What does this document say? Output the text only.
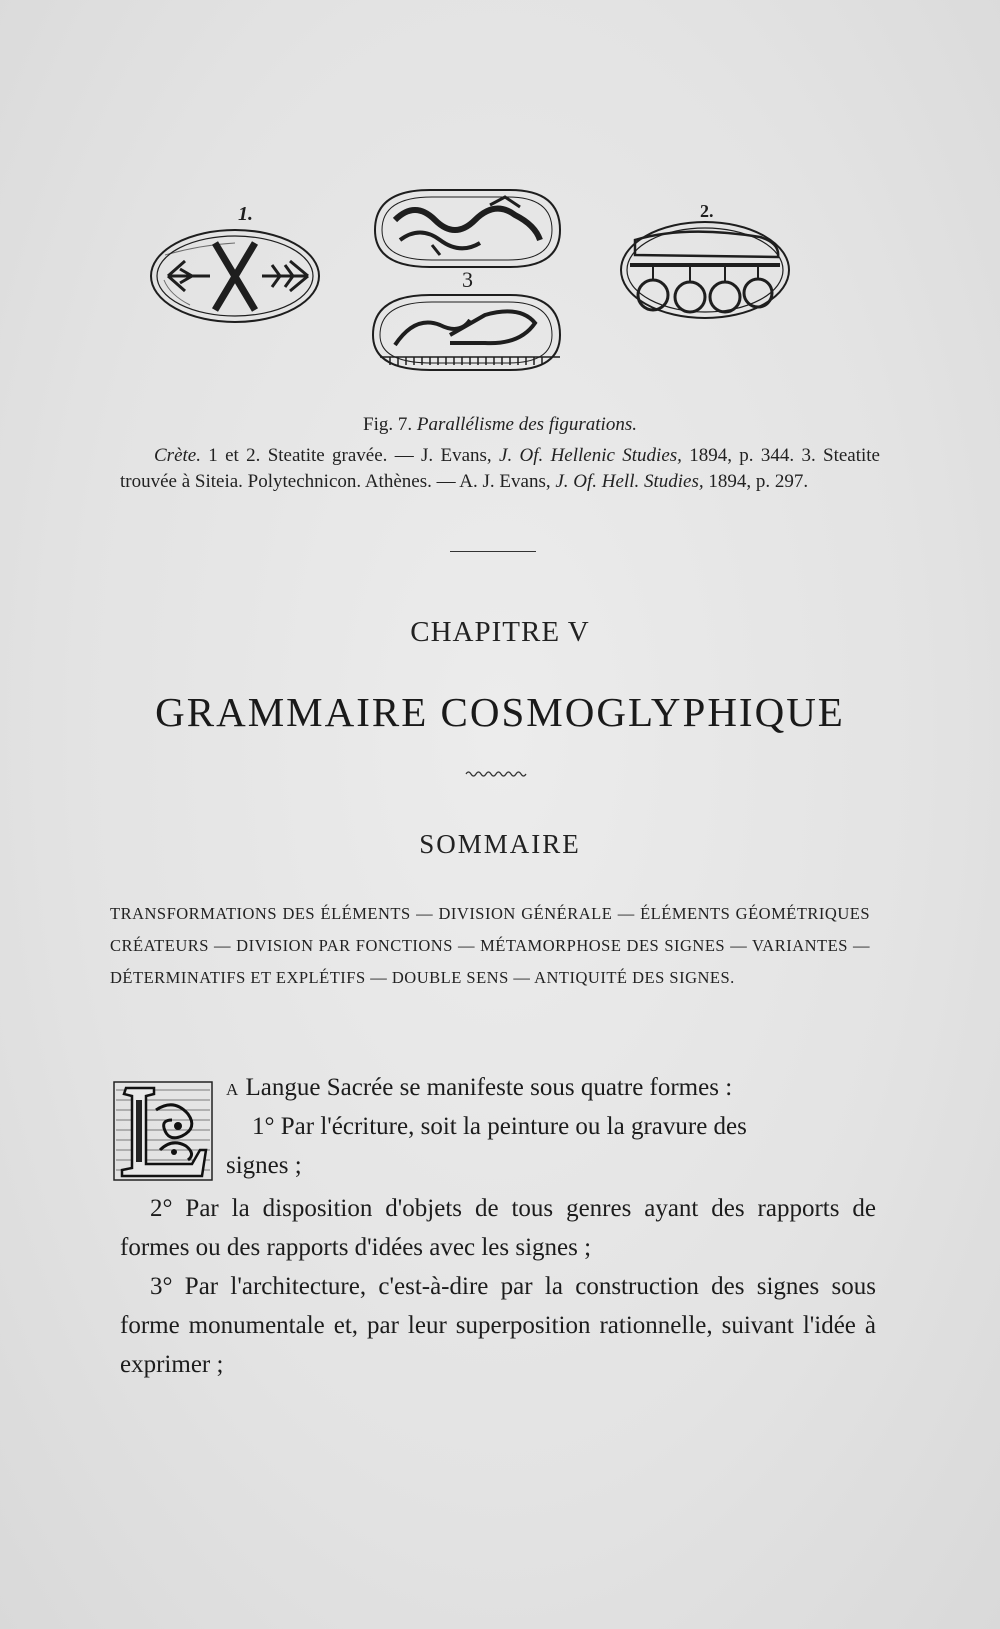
1.
3
2.
Fig. 7. Parallélisme des figurations.
Crète. 1 et 2. Steatite gravée. — J. Evans, J. Of. Hellenic Studies, 1894, p. 344. 3. Steatite trouvée à Siteia. Polytechnicon. Athènes. — A. J. Evans, J. Of. Hell. Studies, 1894, p. 297.
CHAPITRE V
GRAMMAIRE COSMOGLYPHIQUE
SOMMAIRE
TRANSFORMATIONS DES ÉLÉMENTS — DIVISION GÉNÉRALE — ÉLÉMENTS GÉOMÉTRIQUES CRÉATEURS — DIVISION PAR FONCTIONS — MÉTAMORPHOSE DES SIGNES — VARIANTES — DÉTERMINATIFS ET EXPLÉTIFS — DOUBLE SENS — ANTIQUITÉ DES SIGNES.
L
A Langue Sacrée se manifeste sous quatre formes :
1° Par l'écriture, soit la peinture ou la gravure des
signes ;
2° Par la disposition d'objets de tous genres ayant des rapports de formes ou des rapports d'idées avec les signes ;
3° Par l'architecture, c'est-à-dire par la construction des signes sous forme monumentale et, par leur superposition rationnelle, suivant l'idée à exprimer ;
